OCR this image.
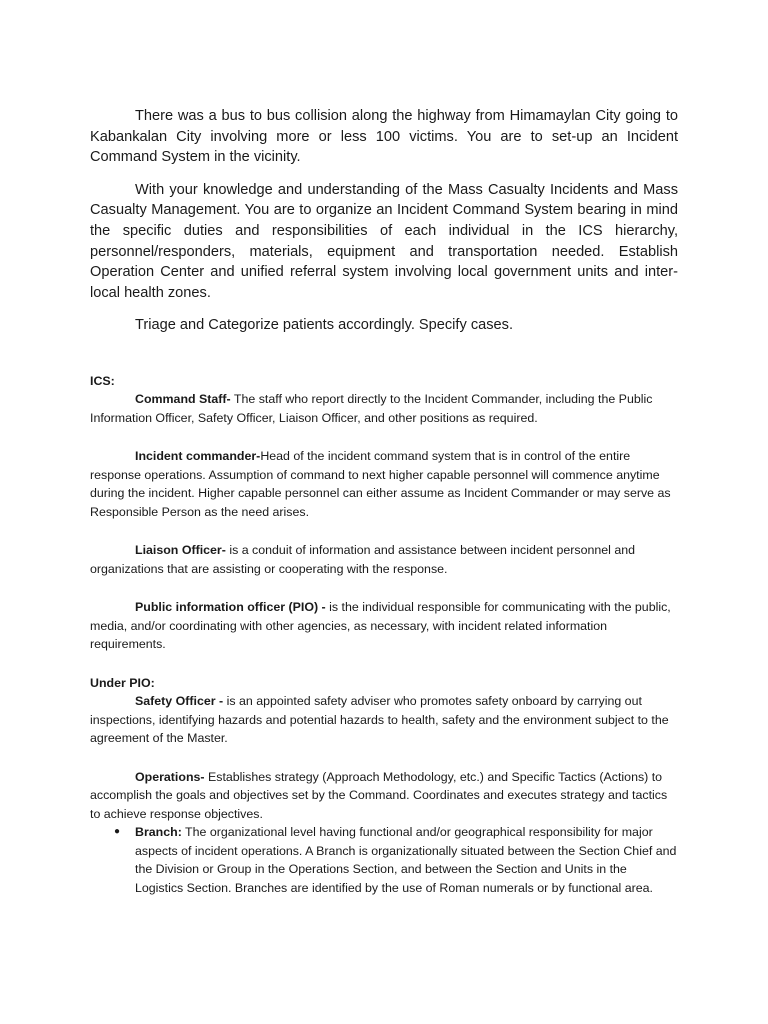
There was a bus to bus collision along the highway from Himamaylan City going to Kabankalan City involving more or less 100 victims. You are to set-up an Incident Command System in the vicinity.

With your knowledge and understanding of the Mass Casualty Incidents and Mass Casualty Management. You are to organize an Incident Command System bearing in mind the specific duties and responsibilities of each individual in the ICS hierarchy, personnel/responders, materials, equipment and transportation needed. Establish Operation Center and unified referral system involving local government units and inter-local health zones.

Triage and Categorize patients accordingly. Specify cases.

ICS:

Command Staff- The staff who report directly to the Incident Commander, including the Public Information Officer, Safety Officer, Liaison Officer, and other positions as required.

Incident commander-Head of the incident command system that is in control of the entire response operations. Assumption of command to next higher capable personnel will commence anytime during the incident. Higher capable personnel can either assume as Incident Commander or may serve as Responsible Person as the need arises.

Liaison Officer- is a conduit of information and assistance between incident personnel and organizations that are assisting or cooperating with the response.

Public information officer (PIO) - is the individual responsible for communicating with the public, media, and/or coordinating with other agencies, as necessary, with incident related information requirements.

Under PIO:

Safety Officer - is an appointed safety adviser who promotes safety onboard by carrying out inspections, identifying hazards and potential hazards to health, safety and the environment subject to the agreement of the Master.

Operations- Establishes strategy (Approach Methodology, etc.) and Specific Tactics (Actions) to accomplish the goals and objectives set by the Command. Coordinates and executes strategy and tactics to achieve response objectives.

● Branch: The organizational level having functional and/or geographical responsibility for major aspects of incident operations. A Branch is organizationally situated between the Section Chief and the Division or Group in the Operations Section, and between the Section and Units in the Logistics Section. Branches are identified by the use of Roman numerals or by functional area.
